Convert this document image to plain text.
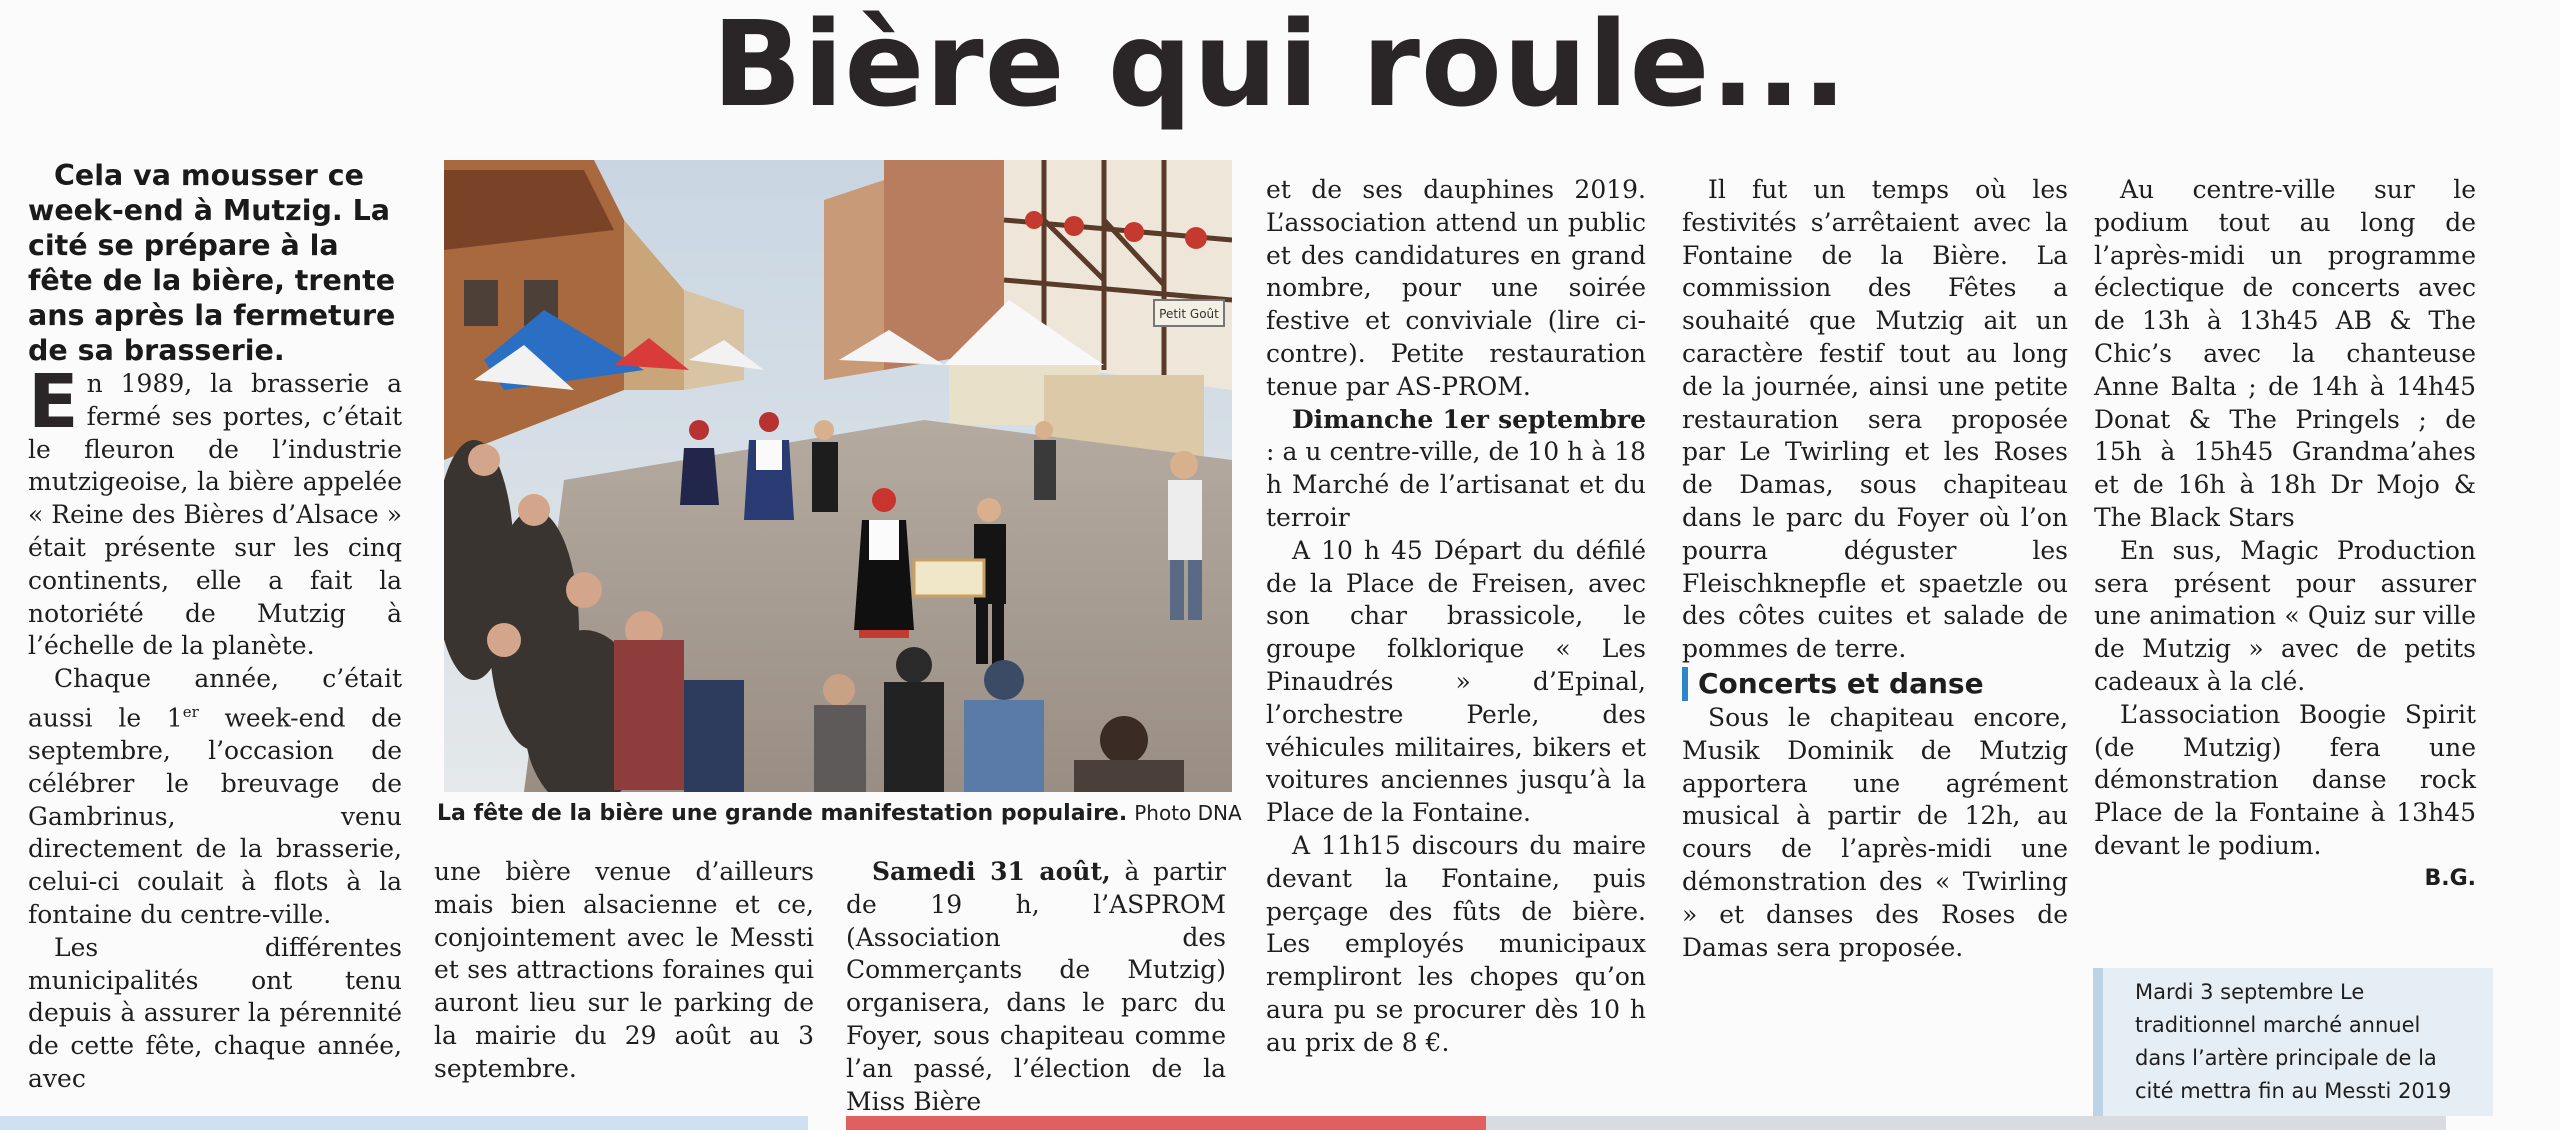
Bière qui roule...

Cela va mousser ce week-end à Mutzig. La cité se prépare à la fête de la bière, trente ans après la fermeture de sa brasserie.

En 1989, la brasserie a fermé ses portes, c’était le fleuron de l’industrie mutzigeoise, la bière appelée « Reine des Bières d’Alsace » était présente sur les cinq continents, elle a fait la notoriété de Mutzig à l’échelle de la planète.

Chaque année, c’était aussi le 1er week-end de septembre, l’occasion de célébrer le breuvage de Gambrinus, venu directement de la brasserie, celui-ci coulait à flots à la fontaine du centre-ville.

Les différentes municipalités ont tenu depuis à assurer la pérennité de cette fête, chaque année, avec

Petit Goût
La fête de la bière une grande manifestation populaire. Photo DNA

une bière venue d’ailleurs mais bien alsacienne et ce, conjointement avec le Messti et ses attractions foraines qui auront lieu sur le parking de la mairie du 29 août au 3 septembre.

Samedi 31 août, à partir de 19 h, l’ASPROM (Association des Commerçants de Mutzig) organisera, dans le parc du Foyer, sous chapiteau comme l’an passé, l’élection de la Miss Bière

et de ses dauphines 2019. L’association attend un public et des candidatures en grand nombre, pour une soirée festive et conviviale (lire ci-contre). Petite restauration tenue par AS-PROM.

Dimanche 1er septembre : a u centre-ville, de 10 h à 18 h Marché de l’artisanat et du terroir

A 10 h 45 Départ du défilé de la Place de Freisen, avec son char brassicole, le groupe folklorique « Les Pinaudrés » d’Epinal, l’orchestre Perle, des véhicules militaires, bikers et voitures anciennes jusqu’à la Place de la Fontaine.

A 11h15 discours du maire devant la Fontaine, puis perçage des fûts de bière. Les employés municipaux rempliront les chopes qu’on aura pu se procurer dès 10 h au prix de 8 €.

Il fut un temps où les festivités s’arrêtaient avec la Fontaine de la Bière. La commission des Fêtes a souhaité que Mutzig ait un caractère festif tout au long de la journée, ainsi une petite restauration sera proposée par Le Twirling et les Roses de Damas, sous chapiteau dans le parc du Foyer où l’on pourra déguster les Fleischknepfle et spaetzle ou des côtes cuites et salade de pommes de terre.

Concerts et danse

Sous le chapiteau encore, Musik Dominik de Mutzig apportera une agrément musical à partir de 12h, au cours de l’après-midi une démonstration des « Twirling » et danses des Roses de Damas sera proposée.

Au centre-ville sur le podium tout au long de l’après-midi un programme éclectique de concerts avec de 13h à 13h45 AB & The Chic’s avec la chanteuse Anne Balta ; de 14h à 14h45 Donat & The Pringels ; de 15h à 15h45 Grandma’ahes et de 16h à 18h Dr Mojo & The Black Stars

En sus, Magic Production sera présent pour assurer une animation « Quiz sur ville de Mutzig » avec de petits cadeaux à la clé.

L’association Boogie Spirit (de Mutzig) fera une démonstration danse rock Place de la Fontaine à 13h45 devant le podium.

B.G.

Mardi 3 septembre Le traditionnel marché annuel dans l’artère principale de la cité mettra fin au Messti 2019
